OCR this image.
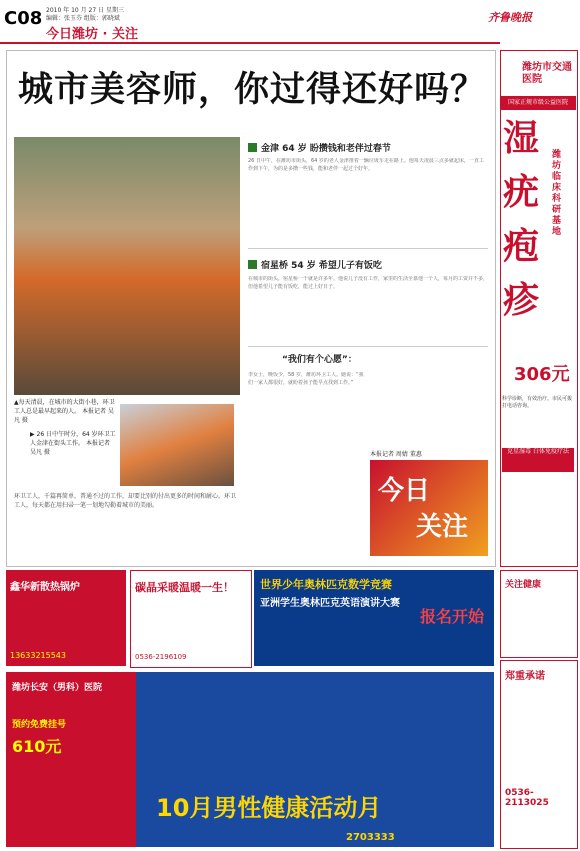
C08 2010 年 10 月 27 日 星期三
编辑：张玉芬 组版：郭晓斌
今日潍坊 · 关注
齐鲁晚报
城市美容师，你过得还好吗？
▲每天清晨，在城市的大街小巷，环卫工人总是最早起来的人。 本报记者 吴凡 摄
▶ 26 日中午时分，64 岁环卫工人金津在街头工作。 本报记者 吴凡 摄
环卫工人，千篇再简单，普通不过的工作，却要比别的付出更多的时间和耐心。环卫工人，每天都在用扫帚一笔一划地勾勒着城市的美丽。
金津 64 岁 盼攒钱和老伴过春节
26 日中午，在潍坊市街头，64 岁的老人金津推着一辆垃圾车走在路上。他每天凌晨三点多就起床，一直工作到下午，为的是多攒一些钱，能和老伴一起过个好年。
宿星桥 54 岁 希望儿子有饭吃
在城市的街头，宿星桥一干就是许多年。他说儿子没有工作，家里的生活全靠他一个人，每月的工资并不多，但他希望儿子能有饭吃，能过上好日子。
“我们有个心愿”：
李女士，晚饭少，58 岁，潍坊环卫工人。她说：“我们一家人都很好，就盼着孩子能早点找到工作。”
今日
关注
本报记者 周婧 董惠
潍坊市交通医院
国家正规市级公益医院
湿疣疱疹
潍坊临床科研基地
306元
科学诊断，有效治疗。市民可拨打电话咨询。
克星湿毒 白体免疫疗法
鑫华新散热锅炉
13633215543
碳晶采暖温暖一生！
0536-2196109
世界少年奥林匹克数学竞赛
亚洲学生奥林匹克英语演讲大赛
报名开始
关注健康
10月男性健康活动月
2703333
潍坊长安（男科）医院
预约免费挂号
610元
郑重承诺
0536-2113025
